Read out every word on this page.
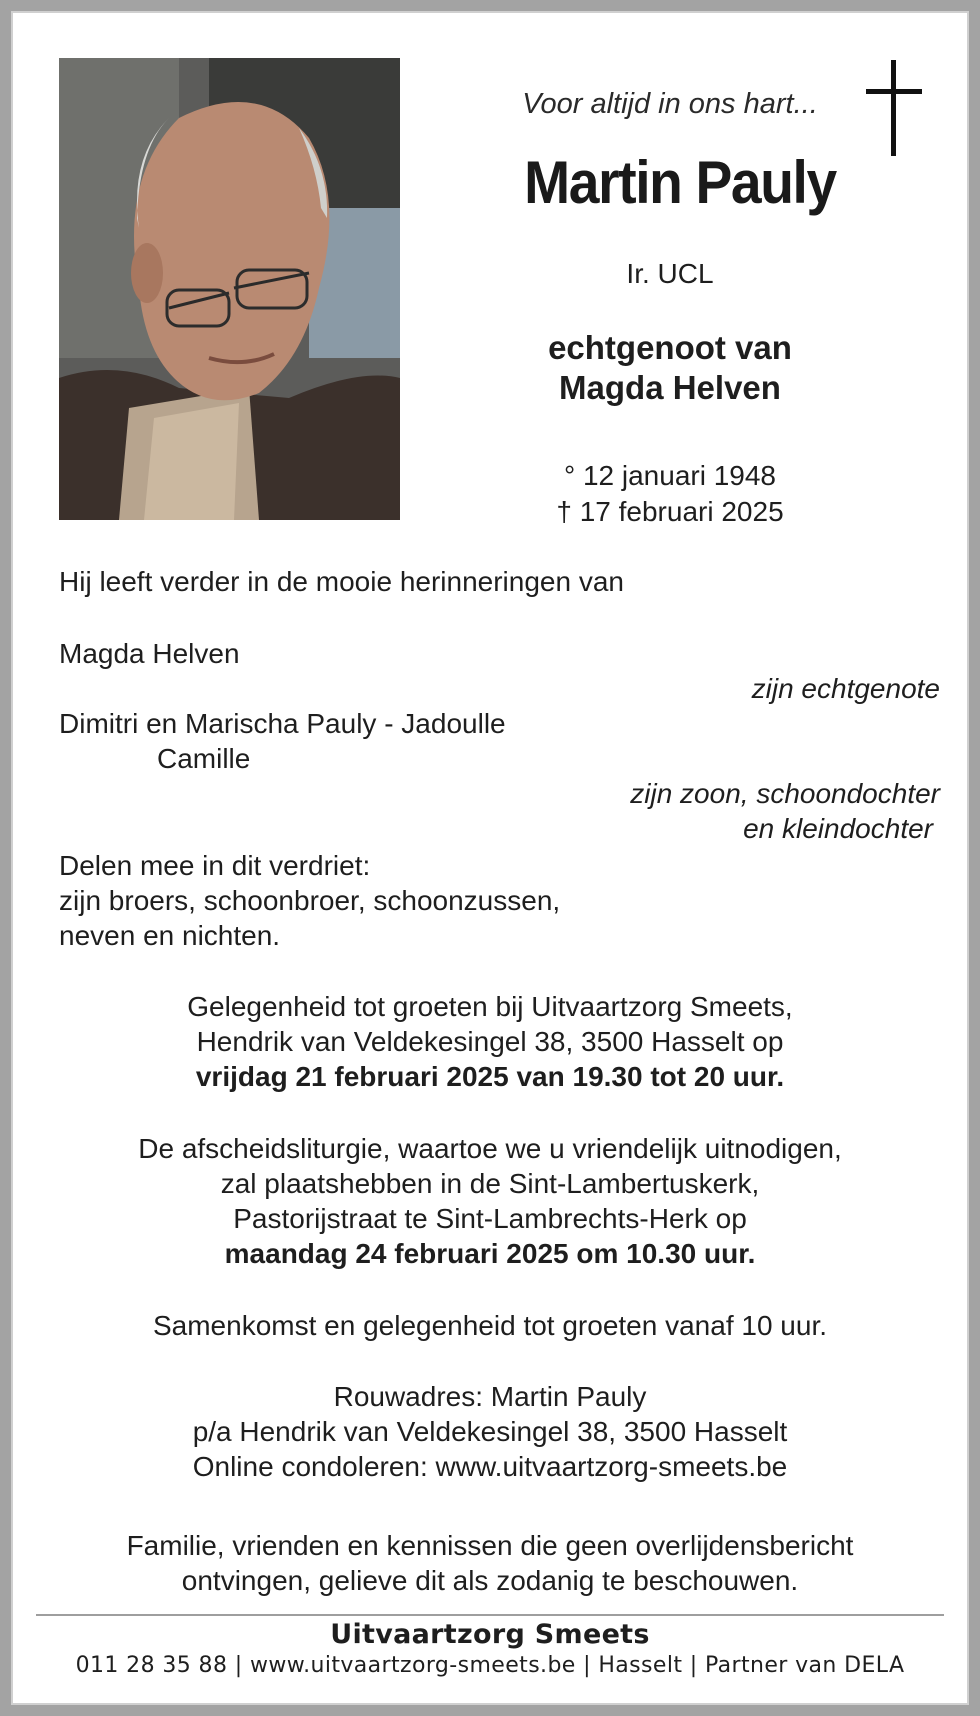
Voor altijd in ons hart...
Martin Pauly
Ir. UCL
echtgenoot van
Magda Helven
° 12 januari 1948
† 17 februari 2025
Hij leeft verder in de mooie herinneringen van
Magda Helven
zijn echtgenote
Dimitri en Marischa Pauly - Jadoulle
Camille
zijn zoon, schoondochter
en kleindochter
Delen mee in dit verdriet:
zijn broers, schoonbroer, schoonzussen,
neven en nichten.
Gelegenheid tot groeten bij Uitvaartzorg Smeets,
Hendrik van Veldekesingel 38, 3500 Hasselt op
vrijdag 21 februari 2025 van 19.30 tot 20 uur.
De afscheidsliturgie, waartoe we u vriendelijk uitnodigen,
zal plaatshebben in de Sint-Lambertuskerk,
Pastorijstraat te Sint-Lambrechts-Herk op
maandag 24 februari 2025 om 10.30 uur.
Samenkomst en gelegenheid tot groeten vanaf 10 uur.
Rouwadres: Martin Pauly
p/a Hendrik van Veldekesingel 38, 3500 Hasselt
Online condoleren: www.uitvaartzorg-smeets.be
Familie, vrienden en kennissen die geen overlijdensbericht
ontvingen, gelieve dit als zodanig te beschouwen.
Uitvaartzorg Smeets
011 28 35 88 | www.uitvaartzorg-smeets.be | Hasselt | Partner van DELA
